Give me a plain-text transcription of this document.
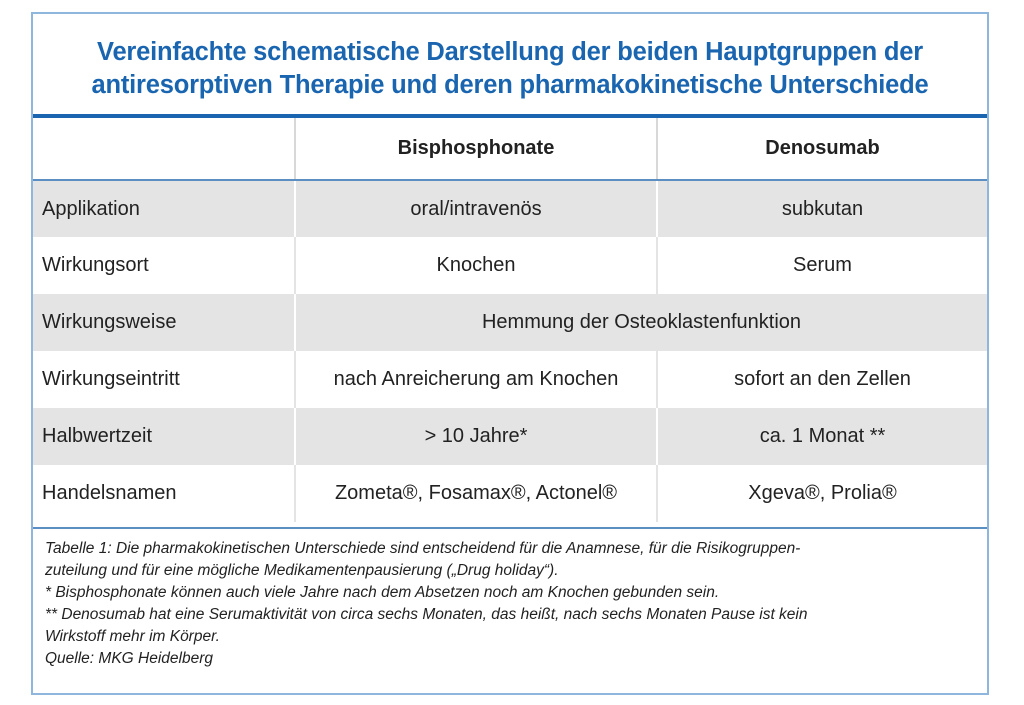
Vereinfachte schematische Darstellung der beiden Hauptgruppen der
antiresorptiven Therapie und deren pharmakokinetische Unterschiede
	Bisphosphonate	Denosumab
Applikation	oral/intravenös	subkutan
Wirkungsort	Knochen	Serum
Wirkungsweise	Hemmung der Osteoklastenfunktion	
Wirkungseintritt	nach Anreicherung am Knochen	sofort an den Zellen
Halbwertzeit	> 10 Jahre*	ca. 1 Monat **
Handelsnamen	Zometa®, Fosamax®, Actonel®	Xgeva®, Prolia®
Tabelle 1: Die pharmakokinetischen Unterschiede sind entscheidend für die Anamnese, für die Risikogruppen-
zuteilung und für eine mögliche Medikamentenpausierung („Drug holiday“).
* Bisphosphonate können auch viele Jahre nach dem Absetzen noch am Knochen gebunden sein.
** Denosumab hat eine Serumaktivität von circa sechs Monaten, das heißt, nach sechs Monaten Pause ist kein
Wirkstoff mehr im Körper.
Quelle: MKG Heidelberg
